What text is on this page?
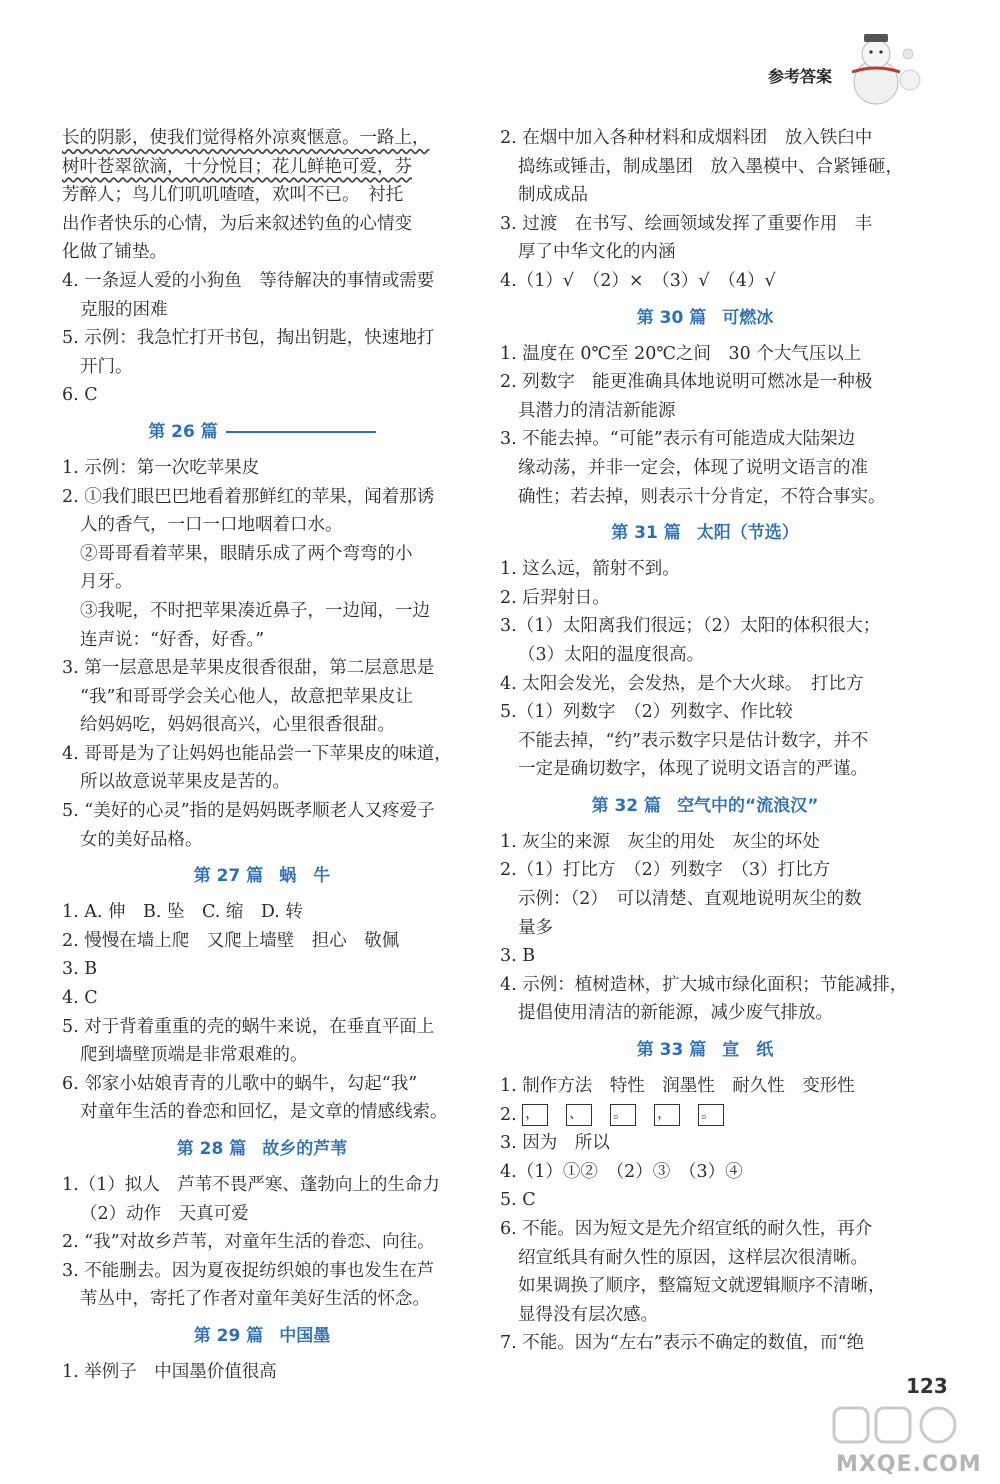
参考答案
长的阴影，使我们觉得格外凉爽惬意。一路上，
树叶苍翠欲滴，十分悦目；花儿鲜艳可爱，芬
芳醉人；鸟儿们叽叽喳喳，欢叫不已。　衬托
出作者快乐的心情，为后来叙述钓鱼的心情变
化做了铺垫。
4. 一条逗人爱的小狗鱼　等待解决的事情或需要
克服的困难
5. 示例：我急忙打开书包，掏出钥匙，快速地打
开门。
6. C
第 26 篇
1. 示例：第一次吃苹果皮
2. ①我们眼巴巴地看着那鲜红的苹果，闻着那诱
人的香气，一口一口地咽着口水。
②哥哥看着苹果，眼睛乐成了两个弯弯的小
月牙。
③我呢，不时把苹果凑近鼻子，一边闻，一边
连声说：“好香，好香。”
3. 第一层意思是苹果皮很香很甜，第二层意思是
“我”和哥哥学会关心他人，故意把苹果皮让
给妈妈吃，妈妈很高兴，心里很香很甜。
4. 哥哥是为了让妈妈也能品尝一下苹果皮的味道，
所以故意说苹果皮是苦的。
5. “美好的心灵”指的是妈妈既孝顺老人又疼爱子
女的美好品格。
第 27 篇 蜗　牛
1. A. 伸　B. 坠　C. 缩　D. 转
2. 慢慢在墙上爬　又爬上墙壁　担心　敬佩
3. B
4. C
5. 对于背着重重的壳的蜗牛来说，在垂直平面上
爬到墙壁顶端是非常艰难的。
6. 邻家小姑娘青青的儿歌中的蜗牛，勾起“我”
对童年生活的眷恋和回忆，是文章的情感线索。
第 28 篇 故乡的芦苇
1.（1）拟人　芦苇不畏严寒、蓬勃向上的生命力
（2）动作　天真可爱
2. “我”对故乡芦苇，对童年生活的眷恋、向往。
3. 不能删去。因为夏夜捉纺织娘的事也发生在芦
苇丛中，寄托了作者对童年美好生活的怀念。
第 29 篇 中国墨
1. 举例子　中国墨价值很高
2. 在烟中加入各种材料和成烟料团　放入铁臼中
捣练或锤击，制成墨团　放入墨模中、合紧锤砸，
制成成品
3. 过渡　在书写、绘画领域发挥了重要作用　丰
厚了中华文化的内涵
4.（1）√　（2）×　（3）√　（4）√
第 30 篇 可燃冰
1. 温度在 0℃至 20℃之间　30 个大气压以上
2. 列数字　能更准确具体地说明可燃冰是一种极
具潜力的清洁新能源
3. 不能去掉。“可能”表示有可能造成大陆架边
缘动荡，并非一定会，体现了说明文语言的准
确性；若去掉，则表示十分肯定，不符合事实。
第 31 篇 太阳（节选）
1. 这么远，箭射不到。
2. 后羿射日。
3.（1）太阳离我们很远；（2）太阳的体积很大；
（3）太阳的温度很高。
4. 太阳会发光，会发热，是个大火球。　打比方
5.（1）列数字　（2）列数字、作比较
不能去掉，“约”表示数字只是估计数字，并不
一定是确切数字，体现了说明文语言的严谨。
第 32 篇 空气中的“流浪汉”
1. 灰尘的来源　灰尘的用处　灰尘的坏处
2.（1）打比方　（2）列数字　（3）打比方
示例：（2）　可以清楚、直观地说明灰尘的数
量多
3. B
4. 示例：植树造林，扩大城市绿化面积；节能减排，
提倡使用清洁的新能源，减少废气排放。
第 33 篇 宣　纸
1. 制作方法　特性　润墨性　耐久性　变形性
2. ， 、 。 ， 。
3. 因为　所以
4.（1）①②　（2）③　（3）④
5. C
6. 不能。因为短文是先介绍宣纸的耐久性，再介
绍宣纸具有耐久性的原因，这样层次很清晰。
如果调换了顺序，整篇短文就逻辑顺序不清晰，
显得没有层次感。
7. 不能。因为“左右”表示不确定的数值，而“绝
123
MXQE.COM
